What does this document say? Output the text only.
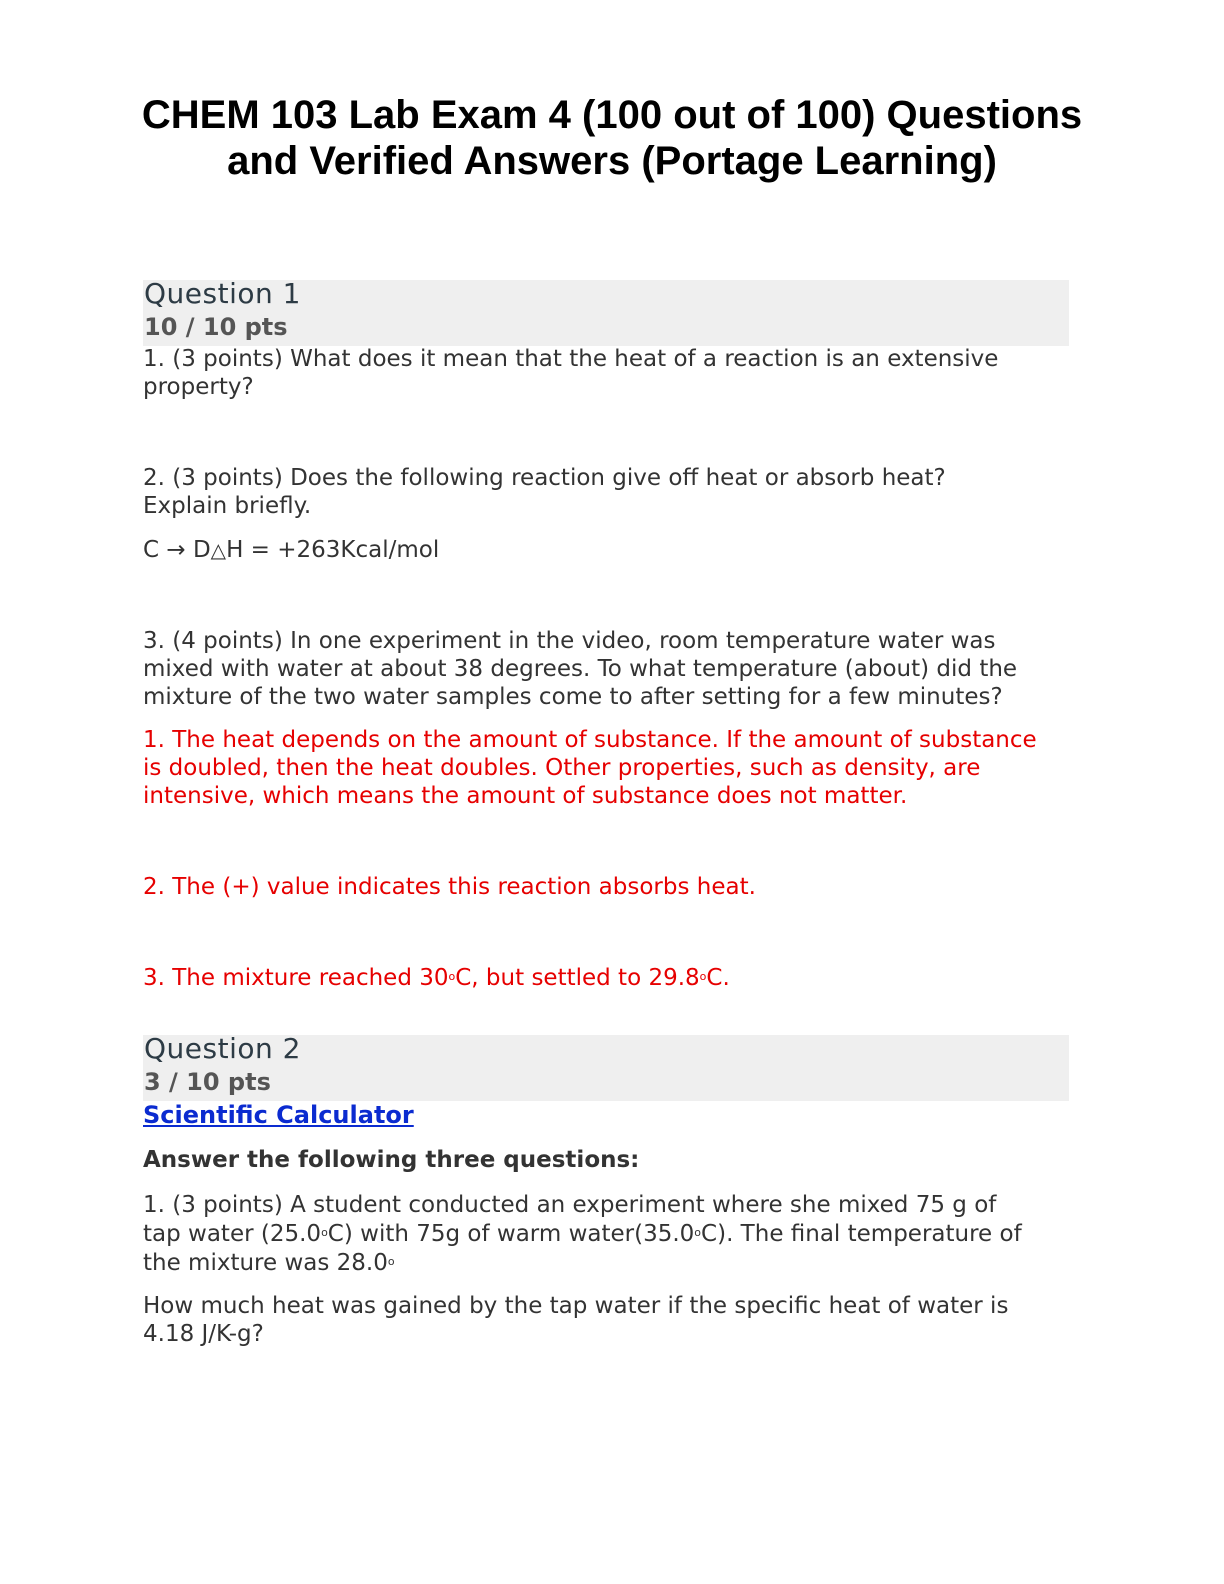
CHEM 103 Lab Exam 4 (100 out of 100) Questions
and Verified Answers (Portage Learning)
Question 1
10 / 10 pts

1. (3 points) What does it mean that the heat of a reaction is an extensive
property?

2. (3 points) Does the following reaction give off heat or absorb heat?
Explain briefly.

C → D△H = +263Kcal/mol

3. (4 points) In one experiment in the video, room temperature water was
mixed with water at about 38 degrees. To what temperature (about) did the
mixture of the two water samples come to after setting for a few minutes?

1. The heat depends on the amount of substance. If the amount of substance
is doubled, then the heat doubles. Other properties, such as density, are
intensive, which means the amount of substance does not matter.

2. The (+) value indicates this reaction absorbs heat.

3. The mixture reached 30$^o$C, but settled to 29.8$^o$C.

Question 2
3 / 10 pts
Scientific Calculator

Answer the following three questions:

1. (3 points) A student conducted an experiment where she mixed 75 g of
tap water (25.0$^o$C) with 75g of warm water(35.0$^o$C). The final temperature of
the mixture was 28.0$^o$

How much heat was gained by the tap water if the specific heat of water is
4.18 J/K-g?
